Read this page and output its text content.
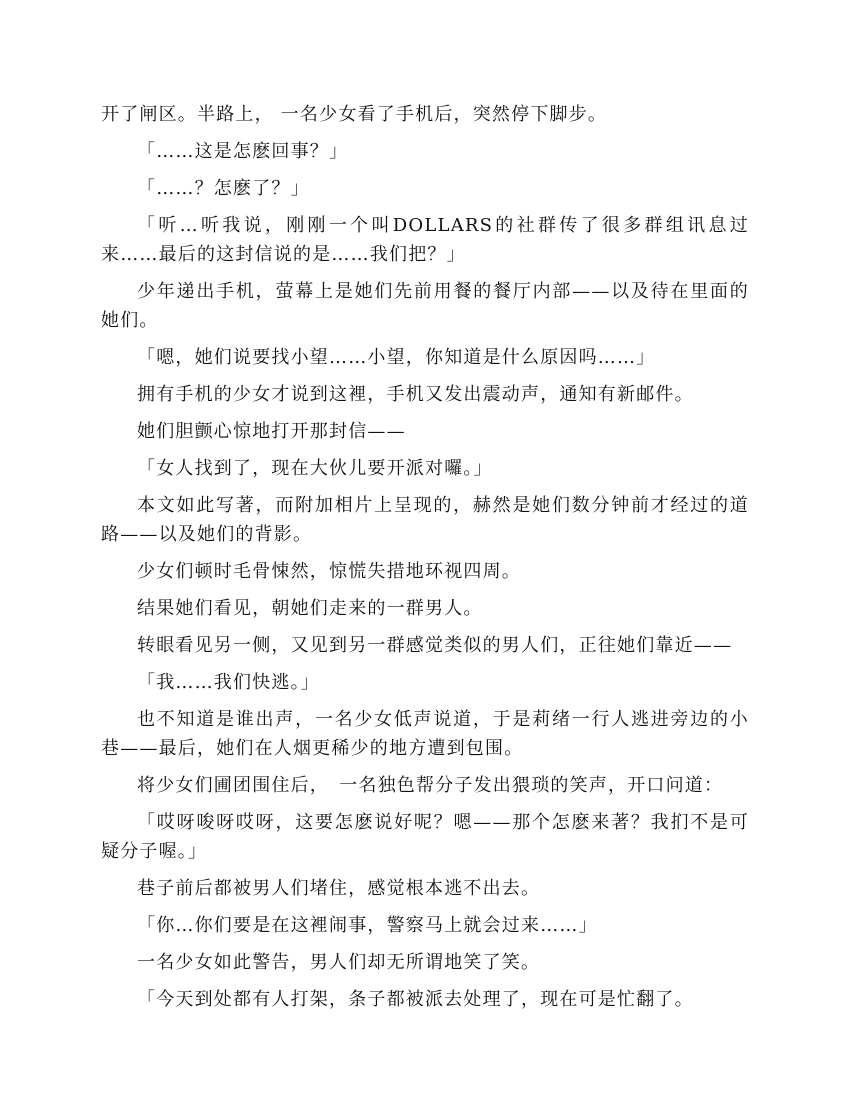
开了闸区。半路上， 一名少女看了手机后，突然停下脚步。

「……这是怎麽回事？」

「……？怎麽了？」

「听…听我说，刚刚一个叫DOLLARS的社群传了很多群组讯息过来……最后的这封信说的是……我们把？」

少年递出手机，萤幕上是她们先前用餐的餐厅内部——以及待在里面的她们。

「嗯，她们说要找小望……小望，你知道是什么原因吗……」

拥有手机的少女才说到这裡，手机又发出震动声，通知有新邮件。

她们胆颤心惊地打开那封信——

「女人找到了，现在大伙儿要开派对囉。」

本文如此写著，而附加相片上呈现的，赫然是她们数分钟前才经过的道路——以及她们的背影。

少女们顿时毛骨悚然，惊慌失措地环视四周。

结果她们看见，朝她们走来的一群男人。

转眼看见另一侧，又见到另一群感觉类似的男人们，正往她们靠近——

「我……我们快逃。」

也不知道是谁出声，一名少女低声说道，于是莉绪一行人逃进旁边的小巷——最后，她们在人烟更稀少的地方遭到包围。

将少女们圃团围住后，　一名独色帮分子发出猥琐的笑声，开口问道：

「哎呀唆呀哎呀，这要怎麽说好呢？嗯——那个怎麽来著？我扪不是可疑分子喔。」

巷子前后都被男人们堵住，感觉根本逃不出去。

「你…你们要是在这裡闹事，警察马上就会过来……」

一名少女如此警告，男人们却无所谓地笑了笑。

「今天到处都有人打架，条子都被派去处理了，现在可是忙翻了。
